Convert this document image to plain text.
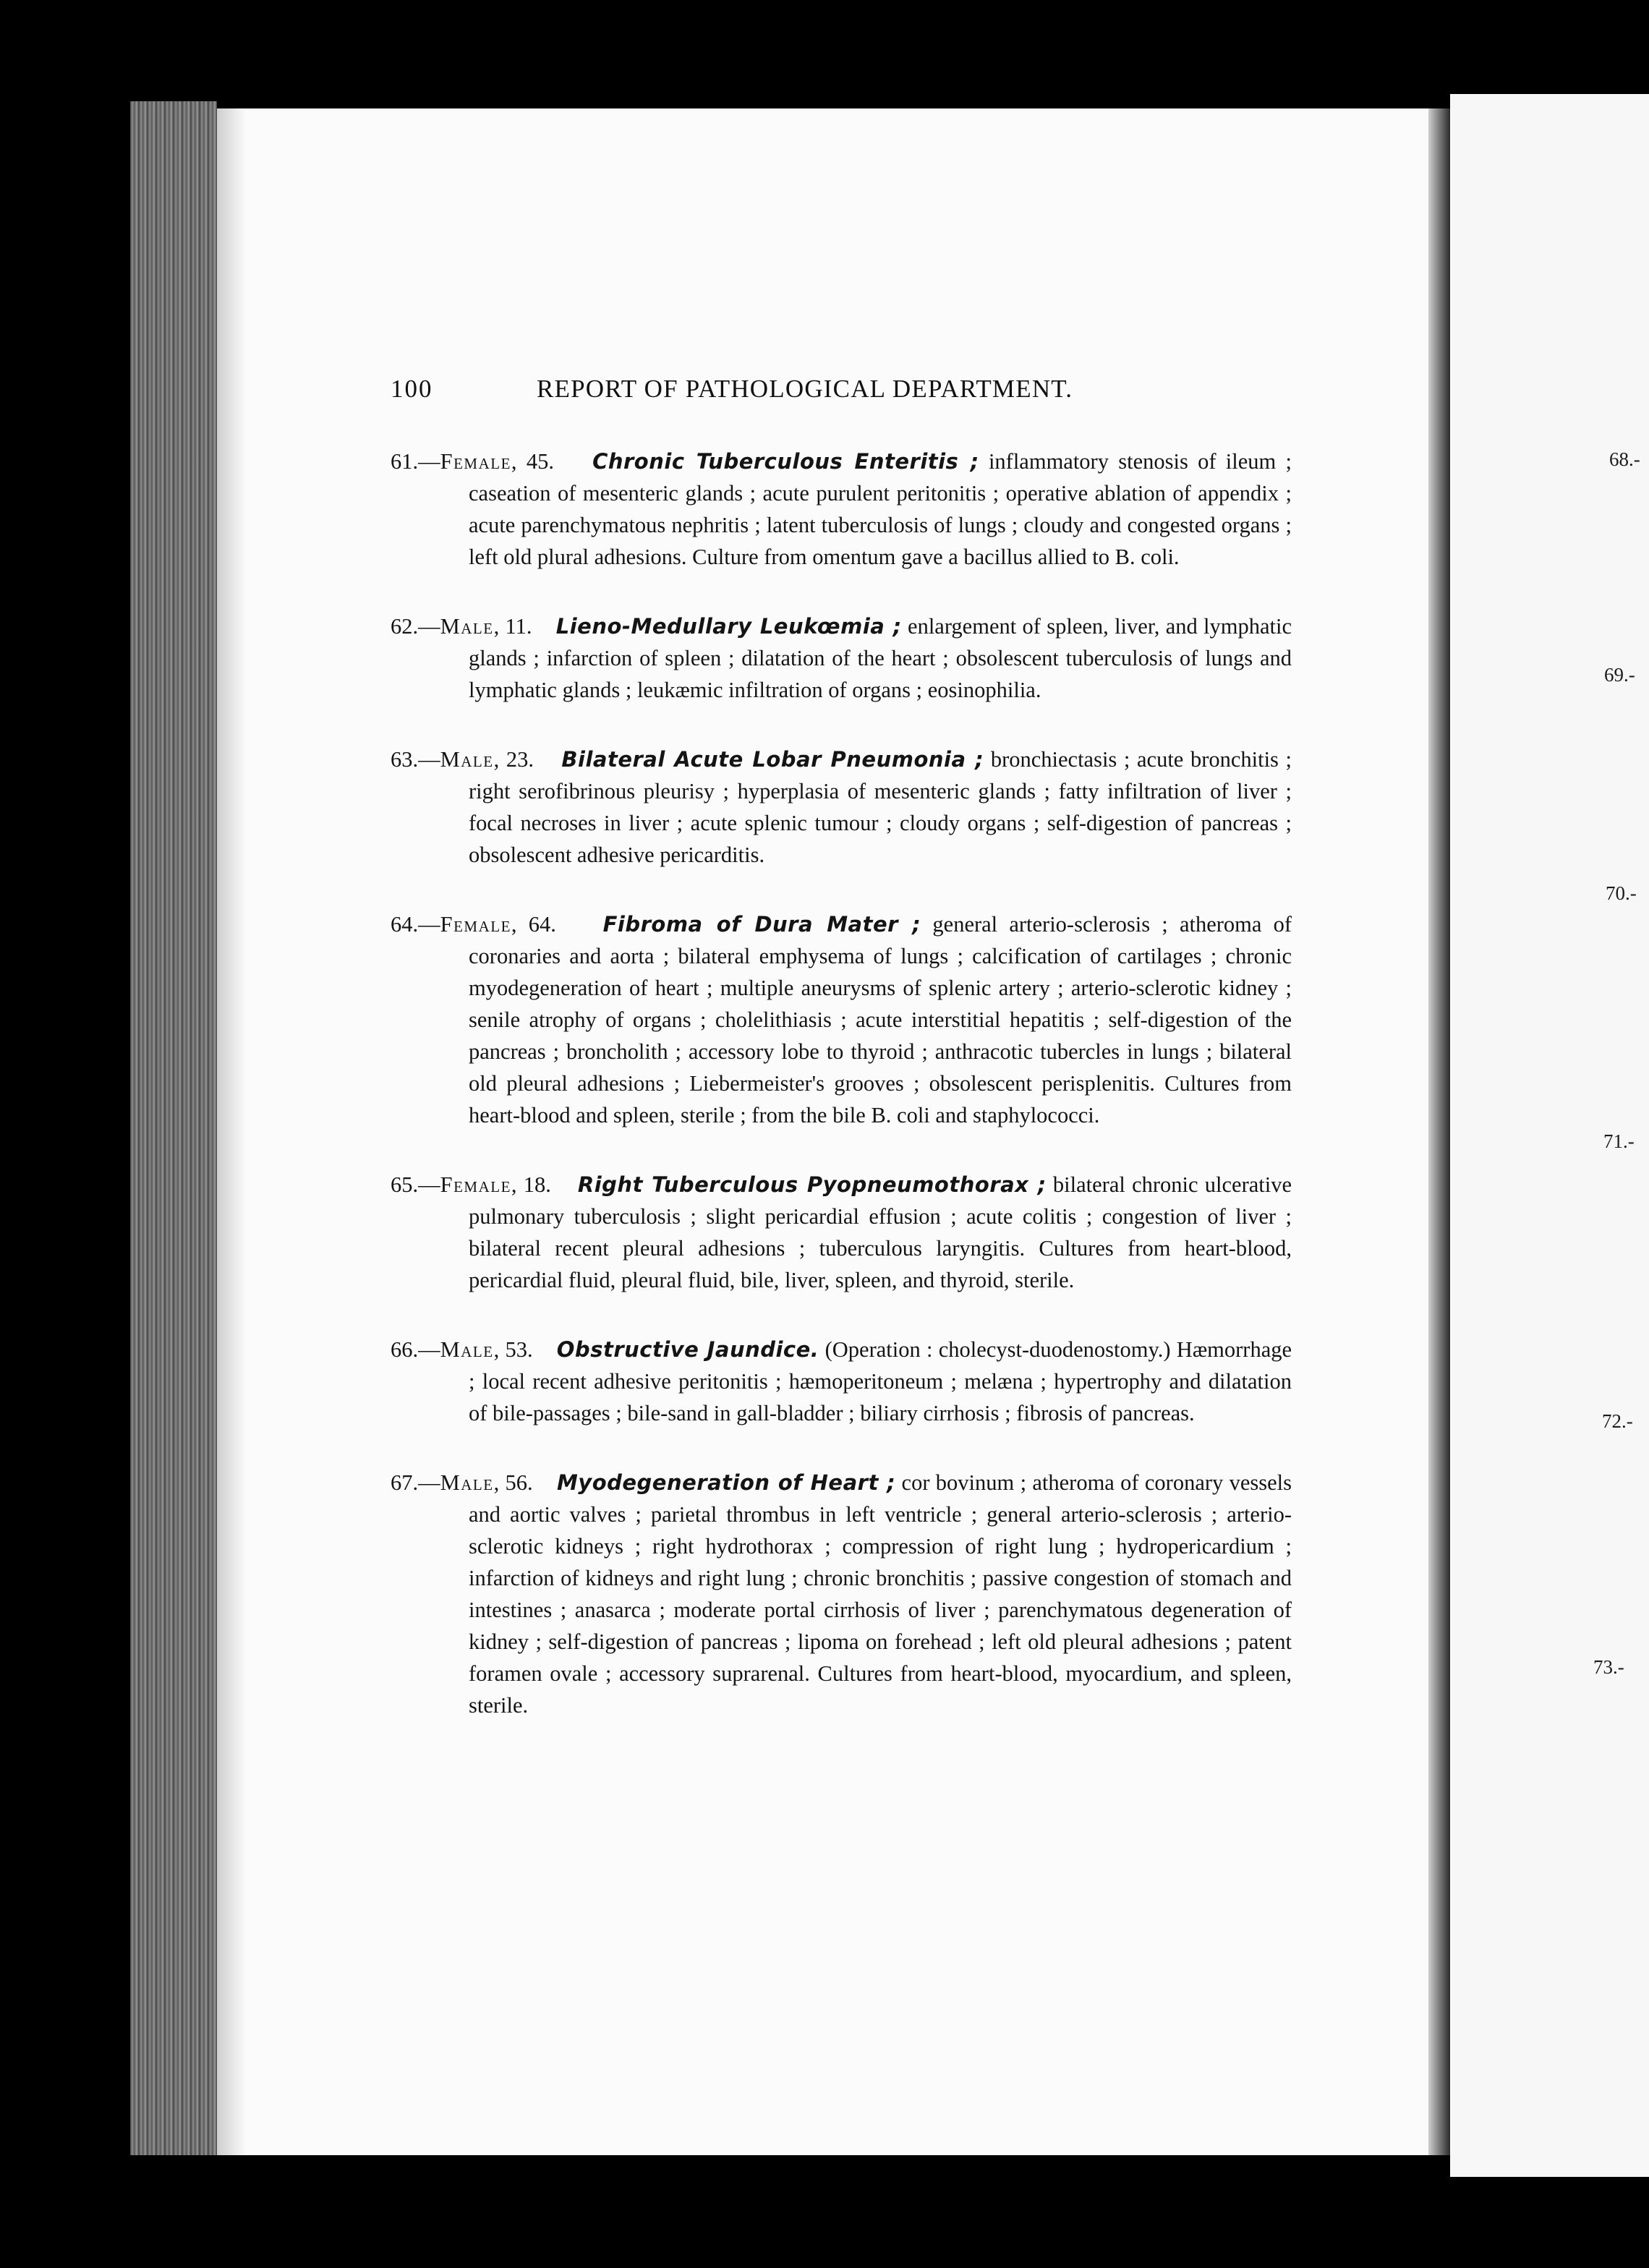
68.-
69.-
70.-
71.-
72.-
73.-
100	REPORT OF PATHOLOGICAL DEPARTMENT.

61.—Female, 45. Chronic Tuberculous Enteritis ; inflammatory stenosis of ileum ; caseation of mesenteric glands ; acute purulent peritonitis ; operative ablation of appendix ; acute parenchymatous nephritis ; latent tuberculosis of lungs ; cloudy and congested organs ; left old plural adhesions. Culture from omentum gave a bacillus allied to B. coli.

62.—Male, 11. Lieno-Medullary Leukœmia ; enlargement of spleen, liver, and lymphatic glands ; infarction of spleen ; dilatation of the heart ; obsolescent tuberculosis of lungs and lymphatic glands ; leukæmic infiltration of organs ; eosinophilia.

63.—Male, 23. Bilateral Acute Lobar Pneumonia ; bronchiectasis ; acute bronchitis ; right serofibrinous pleurisy ; hyperplasia of mesenteric glands ; fatty infiltration of liver ; focal necroses in liver ; acute splenic tumour ; cloudy organs ; self-digestion of pancreas ; obsolescent adhesive pericarditis.

64.—Female, 64. Fibroma of Dura Mater ; general arterio-sclerosis ; atheroma of coronaries and aorta ; bilateral emphysema of lungs ; calcification of cartilages ; chronic myodegeneration of heart ; multiple aneurysms of splenic artery ; arterio-sclerotic kidney ; senile atrophy of organs ; cholelithiasis ; acute interstitial hepatitis ; self-digestion of the pancreas ; broncholith ; accessory lobe to thyroid ; anthracotic tubercles in lungs ; bilateral old pleural adhesions ; Liebermeister's grooves ; obsolescent perisplenitis. Cultures from heart-blood and spleen, sterile ; from the bile B. coli and staphylococci.

65.—Female, 18. Right Tuberculous Pyopneumothorax ; bilateral chronic ulcerative pulmonary tuberculosis ; slight pericardial effusion ; acute colitis ; congestion of liver ; bilateral recent pleural adhesions ; tuberculous laryngitis. Cultures from heart-blood, pericardial fluid, pleural fluid, bile, liver, spleen, and thyroid, sterile.

66.—Male, 53. Obstructive Jaundice. (Operation : cholecyst-duodenostomy.) Hæmorrhage ; local recent adhesive peritonitis ; hæmoperitoneum ; melæna ; hypertrophy and dilatation of bile-passages ; bile-sand in gall-bladder ; biliary cirrhosis ; fibrosis of pancreas.

67.—Male, 56. Myodegeneration of Heart ; cor bovinum ; atheroma of coronary vessels and aortic valves ; parietal thrombus in left ventricle ; general arterio-sclerosis ; arterio-sclerotic kidneys ; right hydrothorax ; compression of right lung ; hydropericardium ; infarction of kidneys and right lung ; chronic bronchitis ; passive congestion of stomach and intestines ; anasarca ; moderate portal cirrhosis of liver ; parenchymatous degeneration of kidney ; self-digestion of pancreas ; lipoma on forehead ; left old pleural adhesions ; patent foramen ovale ; accessory suprarenal. Cultures from heart-blood, myocardium, and spleen, sterile.
